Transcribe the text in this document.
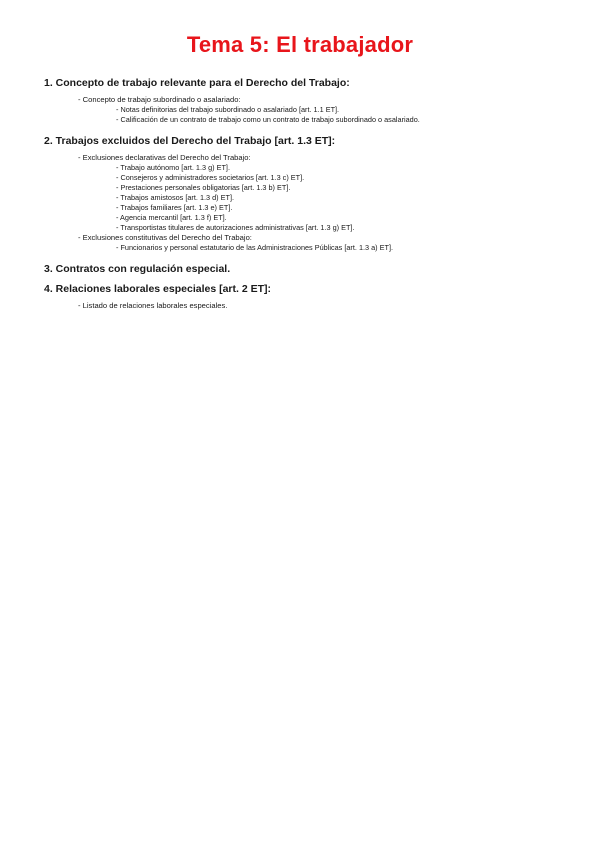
Tema 5: El trabajador
1. Concepto de trabajo relevante para el Derecho del Trabajo:
- Concepto de trabajo subordinado o asalariado:
- Notas definitorias del trabajo subordinado o asalariado [art. 1.1 ET].
- Calificación de un contrato de trabajo como un contrato de trabajo subordinado o asalariado.
2. Trabajos excluidos del Derecho del Trabajo [art. 1.3 ET]:
- Exclusiones declarativas del Derecho del Trabajo:
- Trabajo autónomo [art. 1.3 g) ET].
- Consejeros y administradores societarios [art. 1.3 c) ET].
- Prestaciones personales obligatorias [art. 1.3 b) ET].
- Trabajos amistosos [art. 1.3 d) ET].
- Trabajos familiares [art. 1.3 e) ET].
- Agencia mercantil [art. 1.3 f) ET].
- Transportistas titulares de autorizaciones administrativas [art. 1.3 g) ET].
- Exclusiones constitutivas del Derecho del Trabajo:
- Funcionarios y personal estatutario de las Administraciones Públicas [art. 1.3 a) ET].
3. Contratos con regulación especial.
4. Relaciones laborales especiales [art. 2 ET]:
- Listado de relaciones laborales especiales.
